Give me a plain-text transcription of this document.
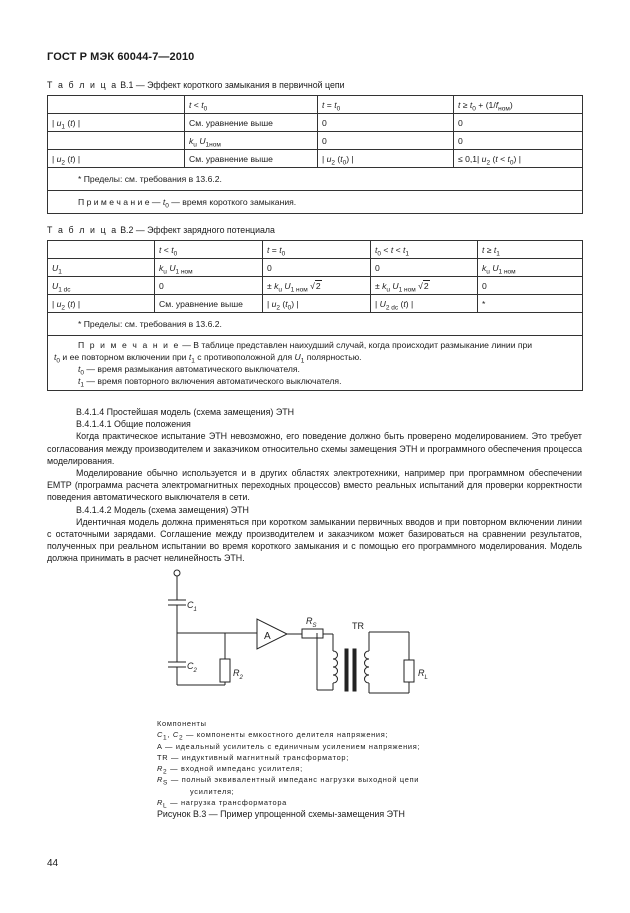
ГОСТ Р МЭК 60044-7—2010
Т а б л и ц а В.1 — Эффект короткого замыкания в первичной цепи
	$t < t_0$	$t = t_0$	$t \ge t_0 + (1/f_{ном})$
| $u_1$ (t) |	См. уравнение выше	0	0
	$k_u$ $U_{1ном}$	0	0
| $u_2$ (t) |	См. уравнение выше	| $u_2$ $(t_0)$ |	≤ 0,1| $u_2$ $(t < t_0)$ |
* Пределы: см. требования в 13.6.2.			
П р и м е ч а н и е — $t_0$ — время короткого замыкания.			
Т а б л и ц а В.2 — Эффект зарядного потенциала
	$t < t_0$	$t = t_0$	$t_0 < t < t_1$	$t \ge t_1$
$U_1$	$k_u$ $U_{1 ном}$	0	0	$k_u$ $U_{1 ном}$
$U_{1 dc}$	0	± $k_u$ $U_{1 ном}$ √2	± $k_u$ $U_{1 ном}$ √2	0
| $u_2$ (t) |	См. уравнение выше	| $u_2$ $(t_0)$ |	| $U_{2 dc}$ (t) |	*
* Пределы: см. требования в 13.6.2.				

П р и м е ч а н и е — В таблице представлен наихудший случай, когда происходит размыкание линии при
$t_0$ и ее повторном включении при $t_1$ с противоположной для $U_1$ полярностью.
$t_0$ — время размыкания автоматического выключателя.
$t_1$ — время повторного включения автоматического выключателя.				

В.4.1.4 Простейшая модель (схема замещения) ЭТН

В.4.1.4.1 Общие положения

Когда практическое испытание ЭТН невозможно, его поведение должно быть проверено моделированием. Это требует согласования между производителем и заказчиком относительно схемы замещения ЭТН и программного обеспечения процесса моделирования.

Моделирование обычно используется и в других областях электротехники, например при программном обеспечении EMTP (программа расчета электромагнитных переходных процессов) вместо реальных испытаний для проверки корректности поведения автоматического выключателя в сети.

В.4.1.4.2 Модель (схема замещения) ЭТН

Идентичная модель должна применяться при коротком замыкании первичных вводов и при повторном включении линии с остаточными зарядами. Соглашение между производителем и заказчиком может базироваться на сравнении результатов, полученных при реальном испытании во время короткого замыкания и с помощью его программного моделирования. Модель должна принимать в расчет нелинейность ЭТН.

A
TR
$C_1$
$C_2$	$R_2$
$R_S$
$R_L$
Компоненты
$C_1$, $C_2$ — компоненты емкостного делителя напряжения;
A — идеальный усилитель с единичным усилением напряжения;
TR — индуктивный магнитный трансформатор;
$R_2$ — входной импеданс усилителя;
$R_S$ — полный эквивалентный импеданс нагрузки выходной цепи
усилителя;
$R_L$ — нагрузка трансформатора
Рисунок В.3 — Пример упрощенной схемы-замещения ЭТН
44
